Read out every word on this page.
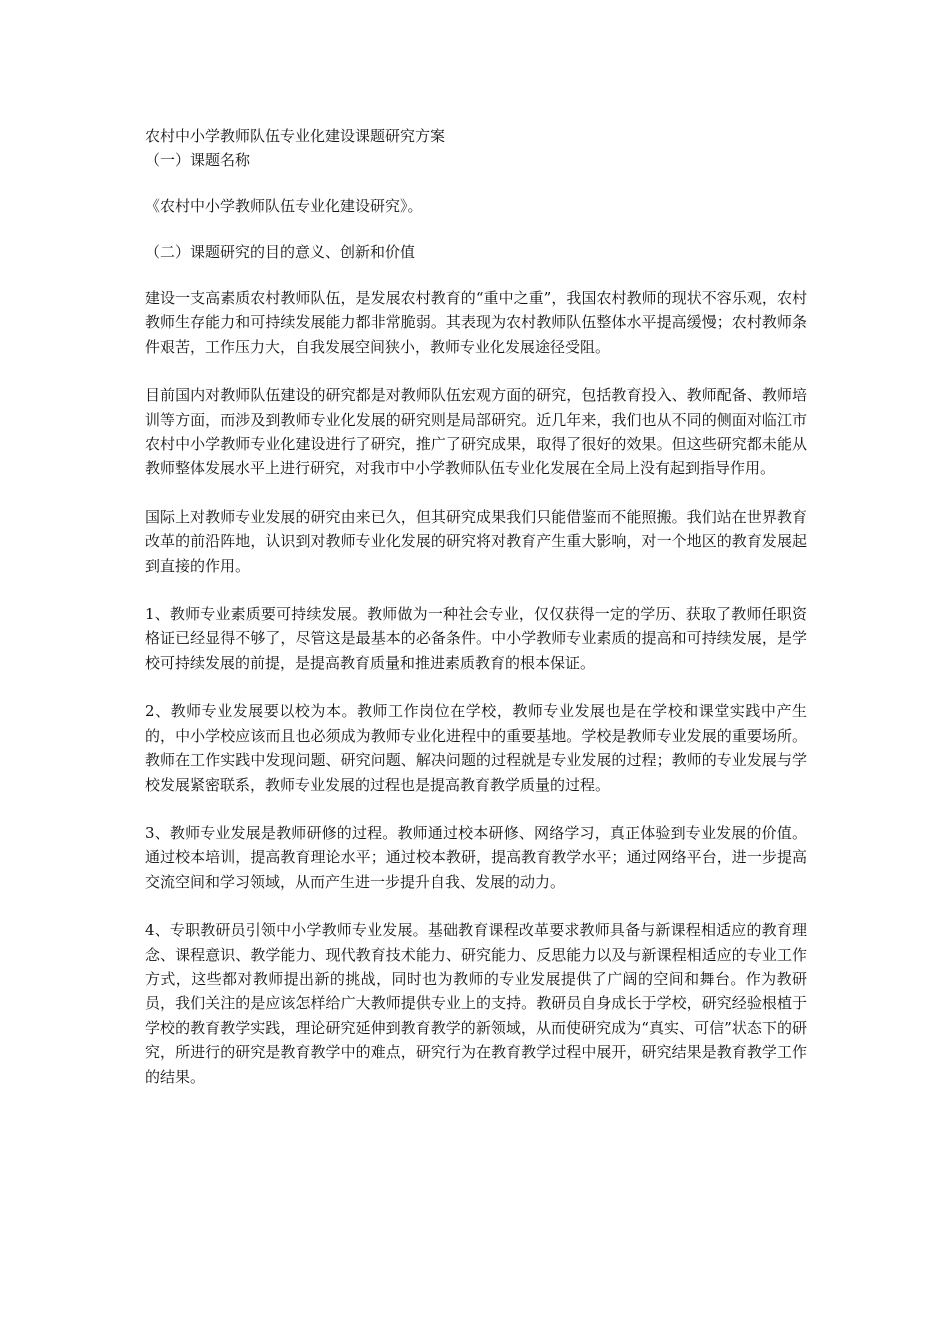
农村中小学教师队伍专业化建设课题研究方案

（一）课题名称

《农村中小学教师队伍专业化建设研究》。

（二）课题研究的目的意义、创新和价值

建设一支高素质农村教师队伍，是发展农村教育的“重中之重”，我国农村教师的现状不容乐观，农村教师生存能力和可持续发展能力都非常脆弱。其表现为农村教师队伍整体水平提高缓慢；农村教师条件艰苦，工作压力大，自我发展空间狭小，教师专业化发展途径受阻。

目前国内对教师队伍建设的研究都是对教师队伍宏观方面的研究，包括教育投入、教师配备、教师培训等方面，而涉及到教师专业化发展的研究则是局部研究。近几年来，我们也从不同的侧面对临江市农村中小学教师专业化建设进行了研究，推广了研究成果，取得了很好的效果。但这些研究都未能从教师整体发展水平上进行研究，对我市中小学教师队伍专业化发展在全局上没有起到指导作用。

国际上对教师专业发展的研究由来已久，但其研究成果我们只能借鉴而不能照搬。我们站在世界教育改革的前沿阵地，认识到对教师专业化发展的研究将对教育产生重大影响，对一个地区的教育发展起到直接的作用。

1、教师专业素质要可持续发展。教师做为一种社会专业，仅仅获得一定的学历、获取了教师任职资格证已经显得不够了，尽管这是最基本的必备条件。中小学教师专业素质的提高和可持续发展，是学校可持续发展的前提，是提高教育质量和推进素质教育的根本保证。

2、教师专业发展要以校为本。教师工作岗位在学校，教师专业发展也是在学校和课堂实践中产生的，中小学校应该而且也必须成为教师专业化进程中的重要基地。学校是教师专业发展的重要场所。教师在工作实践中发现问题、研究问题、解决问题的过程就是专业发展的过程；教师的专业发展与学校发展紧密联系，教师专业发展的过程也是提高教育教学质量的过程。

3、教师专业发展是教师研修的过程。教师通过校本研修、网络学习，真正体验到专业发展的价值。通过校本培训，提高教育理论水平；通过校本教研，提高教育教学水平；通过网络平台，进一步提高交流空间和学习领域，从而产生进一步提升自我、发展的动力。

4、专职教研员引领中小学教师专业发展。基础教育课程改革要求教师具备与新课程相适应的教育理念、课程意识、教学能力、现代教育技术能力、研究能力、反思能力以及与新课程相适应的专业工作方式，这些都对教师提出新的挑战，同时也为教师的专业发展提供了广阔的空间和舞台。作为教研员，我们关注的是应该怎样给广大教师提供专业上的支持。教研员自身成长于学校，研究经验根植于学校的教育教学实践，理论研究延伸到教育教学的新领域，从而使研究成为“真实、可信”状态下的研究，所进行的研究是教育教学中的难点，研究行为在教育教学过程中展开，研究结果是教育教学工作的结果。
